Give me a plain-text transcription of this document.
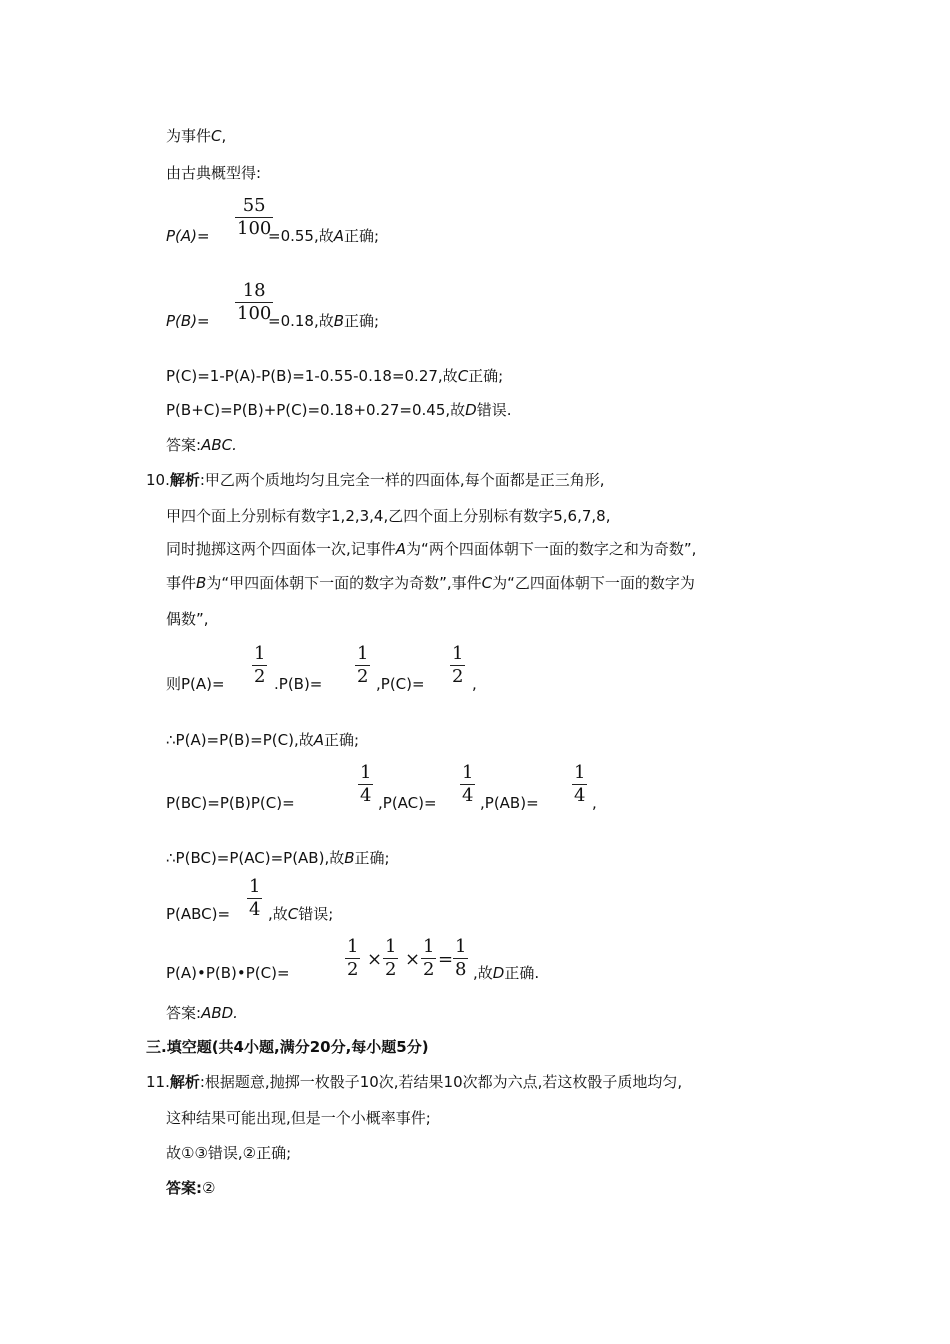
为事件C,
由古典概型得:
P(A)=
55
100
=0.55,故A正确;
P(B)=
18
100
=0.18,故B正确;
P(C)=1-P(A)-P(B)=1-0.55-0.18=0.27,故C正确;
P(B+C)=P(B)+P(C)=0.18+0.27=0.45,故D错误.
答案:ABC.
10.解析:甲乙两个质地均匀且完全一样的四面体,每个面都是正三角形,
甲四个面上分别标有数字1,2,3,4,乙四个面上分别标有数字5,6,7,8,
同时抛掷这两个四面体一次,记事件A为“两个四面体朝下一面的数字之和为奇数”,
事件B为“甲四面体朝下一面的数字为奇数”,事件C为“乙四面体朝下一面的数字为
偶数”,
则P(A)=
1
2 .P(B)=
1
2 ,P(C)=
1
2 ,
∴P(A)=P(B)=P(C),故A正确;
P(BC)=P(B)P(C)=
1
4 ,P(AC)=
1
4 ,P(AB)=
1
4 ,
∴P(BC)=P(AC)=P(AB),故B正确;
P(ABC)=
1
4 ,故C错误;
P(A)•P(B)•P(C)=
1
2 ×
1
2 ×
1
2 =
1
8 ,故D正确.
答案:ABD.
三.填空题(共4小题,满分20分,每小题5分)
11.解析:根据题意,抛掷一枚骰子10次,若结果10次都为六点,若这枚骰子质地均匀,
这种结果可能出现,但是一个小概率事件;
故①③错误,②正确;
答案:②
